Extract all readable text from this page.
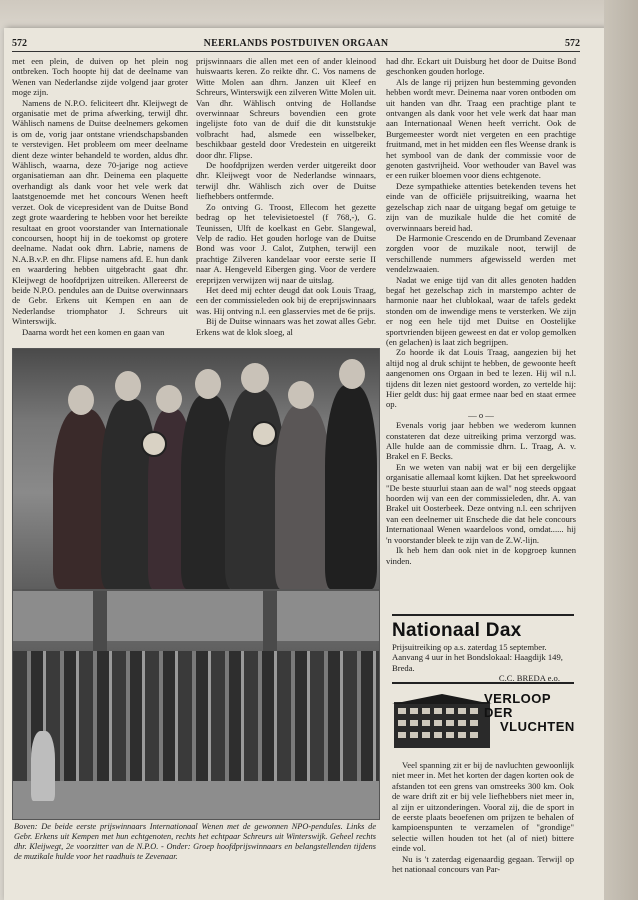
572	NEERLANDS POSTDUIVEN ORGAAN	572

met een plein, de duiven op het plein nog ontbreken. Toch hoopte hij dat de deelname van Wenen van Nederlandse zijde volgend jaar groter moge zijn.

Namens de N.P.O. feliciteert dhr. Kleijwegt de organisatie met de prima afwerking, terwijl dhr. Wählisch namens de Duitse deelnemers gekomen is om de, vorig jaar ontstane vriendschapsbanden te verstevigen. Het probleem om meer deelname dient deze winter behandeld te worden, aldus dhr. Wählisch, waarna, deze 70-jarige nog actieve organisatieman aan dhr. Deinema een plaquette overhandigt als dank voor het vele werk dat laatstgenoemde met het concours Wenen heeft verzet. Ook de vicepresident van de Duitse Bond zegt grote waardering te hebben voor het bereikte resultaat en groot voorstander van Internationale concoursen, hoopt hij in de toekomst op grotere deelname. Nadat ook dhrn. Labrie, namens de N.A.B.v.P. en dhr. Flipse namens afd. E. hun dank en waardering hebben uitgebracht gaat dhr. Kleijwegt de hoofdprijzen uitreiken. Allereerst de beide N.P.O. pendules aan de Duitse overwinnaars de Gebr. Erkens uit Kempen en aan de Nederlandse triomphator J. Schreurs uit Winterswijk.

Daarna wordt het een komen en gaan van

prijswinnaars die allen met een of ander kleinood huiswaarts keren. Zo reikte dhr. C. Vos namens de Witte Molen aan dhrn. Janzen uit Kleef en Schreurs, Winterswijk een zilveren Witte Molen uit. Van dhr. Wählisch ontving de Hollandse overwinnaar Schreurs bovendien een grote ingelijste foto van de duif die dit kunststukje volbracht had, alsmede een wisselbeker, beschikbaar gesteld door Vredestein en uitgereikt door dhr. Flipse.

De hoofdprijzen werden verder uitgereikt door dhr. Kleijwegt voor de Nederlandse winnaars, terwijl dhr. Wählisch zich over de Duitse liefhebbers ontfermde.

Zo ontving G. Troost, Ellecom het gezette bedrag op het televisietoestel (f 768,-), G. Teunissen, Ulft de koelkast en Gebr. Slangewal, Velp de radio. Het gouden horloge van de Duitse Bond was voor J. Calot, Zutphen, terwijl een prachtige Zilveren kandelaar voor eerste serie II naar A. Hengeveld Eibergen ging. Voor de verdere ereprijzen verwijzen wij naar de uitslag.

Het deed mij echter deugd dat ook Louis Traag, een der commissieleden ook bij de ereprijswinnaars was. Hij ontving n.l. een glasservies met de 6e prijs.

Bij de Duitse winnaars was het zowat alles Gebr. Erkens wat de klok sloeg, al

had dhr. Eckart uit Duisburg het door de Duitse Bond geschonken gouden horloge.

Als de lange rij prijzen hun bestemming gevonden hebben wordt mevr. Deinema naar voren ontboden om uit handen van dhr. Traag een prachtige plant te ontvangen als dank voor het vele werk dat haar man aan Internationaal Wenen heeft verricht. Ook de Burgemeester wordt niet vergeten en een prachtige fruitmand, met in het midden een fles Weense drank is het symbool van de dank der commissie voor de genoten gastvrijheid. Voor wethouder van Bavel was er een ruiker bloemen voor diens echtgenote.

Deze sympathieke attenties betekenden tevens het einde van de officiële prijsuitreiking, waarna het gezelschap zich naar de uitgang begaf om getuige te zijn van de muzikale hulde die het comité de overwinnaars bereid had.

De Harmonie Crescendo en de Drumband Zevenaar zorgden voor de muzikale noot, terwijl de verschillende nummers afgewisseld werden met vendelzwaaien.

Nadat we enige tijd van dit alles genoten hadden begaf het gezelschap zich in marstempo achter de harmonie naar het clublokaal, waar de tafels gedekt stonden om de inwendige mens te versterken. We zijn er nog een hele tijd met Duitse en Oostelijke sportvrienden bijeen geweest en dat er volop gemolken (en gelachen) is laat zich begrijpen.

Zo hoorde ik dat Louis Traag, aangezien bij het altijd nog al druk schijnt te hebben, de gewoonte heeft aangenomen ons Orgaan in bed te lezen. Hij wil n.l. tijdens dit lezen niet gestoord worden, zo vertelde hij: Hier geldt dus: hij gaat ermee naar bed en staat ermee op.

— o —

Evenals vorig jaar hebben we wederom kunnen constateren dat deze uitreiking prima verzorgd was. Alle hulde aan de commissie dhrn. L. Traag, A. v. Brakel en F. Becks.

En we weten van nabij wat er bij een dergelijke organisatie allemaal komt kijken. Dat het spreekwoord "De beste stuurlui staan aan de wal" nog steeds opgaat hoorden wij van een der commissieleden, dhr. A. van Brakel uit Oosterbeek. Deze ontving n.l. een schrijven van een deelnemer uit Enschede die dat hele concours Internationaal Wenen waardeloos vond, omdat...... hij 'n voorstander bleek te zijn van de Z.W.-lijn.

Ik heb hem dan ook niet in de kopgroep kunnen vinden.

Boven: De beide eerste prijswinnaars Internationaal Wenen met de gewonnen NPO-pendules. Links de Gebr. Erkens uit Kempen met hun echtgenoten, rechts het echtpaar Schreurs uit Winterswijk. Geheel rechts dhr. Kleijwegt, 2e voorzitter van de N.P.O. - Onder: Groep hoofdprijswinnaars en belangstellenden tijdens de muzikale hulde voor het raadhuis te Zevenaar.
Nationaal Dax
Prijsuitreiking op a.s. zaterdag 15 september. Aanvang 4 uur in het Bondslokaal: Haagdijk 149, Breda.
C.C. BREDA e.o.
VERLOOP DER
VLUCHTEN

Veel spanning zit er bij de navluchten gewoonlijk niet meer in. Met het korten der dagen korten ook de afstanden tot een grens van omstreeks 300 km. Ook de ware drift zit er bij vele liefhebbers niet meer in, al zijn er uitzonderingen. Vooral zij, die de sport in de eerste plaats beoefenen om prijzen te behalen of kampioenspunten te verzamelen of "grondige" selectie willen houden tot het (al of niet) bittere einde vol.

Nu is 't zaterdag eigenaardig gegaan. Terwijl op het nationaal concours van Par-
